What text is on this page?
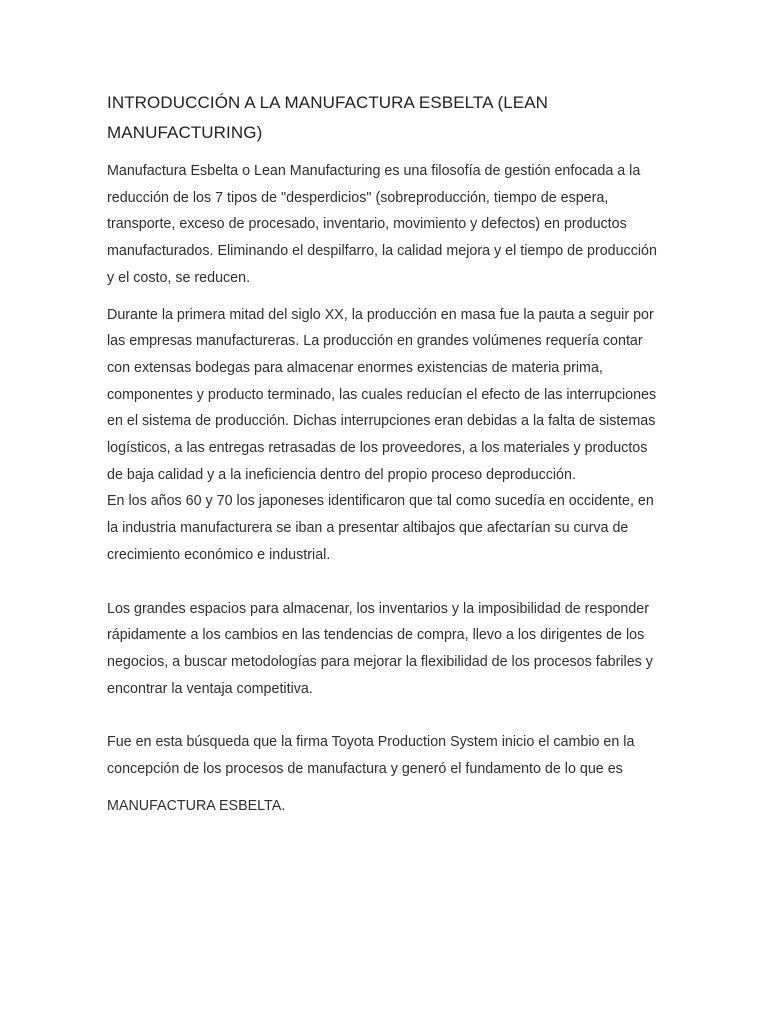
INTRODUCCIÓN A LA MANUFACTURA ESBELTA (LEAN MANUFACTURING)

Manufactura Esbelta o Lean Manufacturing es una filosofía de gestión enfocada a la reducción de los 7 tipos de "desperdicios" (sobreproducción, tiempo de espera, transporte, exceso de procesado, inventario, movimiento y defectos) en productos manufacturados. Eliminando el despilfarro, la calidad mejora y el tiempo de producción y el costo, se reducen.

Durante la primera mitad del siglo XX, la producción en masa fue la pauta a seguir por las empresas manufactureras. La producción en grandes volúmenes requería contar con extensas bodegas para almacenar enormes existencias de materia prima, componentes y producto terminado, las cuales reducían el efecto de las interrupciones en el sistema de producción. Dichas interrupciones eran debidas a la falta de sistemas logísticos, a las entregas retrasadas de los proveedores, a los materiales y productos de baja calidad y a la ineficiencia dentro del propio proceso deproducción.

En los años 60 y 70 los japoneses identificaron que tal como sucedía en occidente, en la industria manufacturera se iban a presentar altibajos que afectarían su curva de crecimiento económico e industrial.

Los grandes espacios para almacenar, los inventarios y la imposibilidad de responder rápidamente a los cambios en las tendencias de compra, llevo a los dirigentes de los negocios, a buscar metodologías para mejorar la flexibilidad de los procesos fabriles y encontrar la ventaja competitiva.

Fue en esta búsqueda que la firma Toyota Production System inicio el cambio en la concepción de los procesos de manufactura y generó el fundamento de lo que es

MANUFACTURA ESBELTA.
